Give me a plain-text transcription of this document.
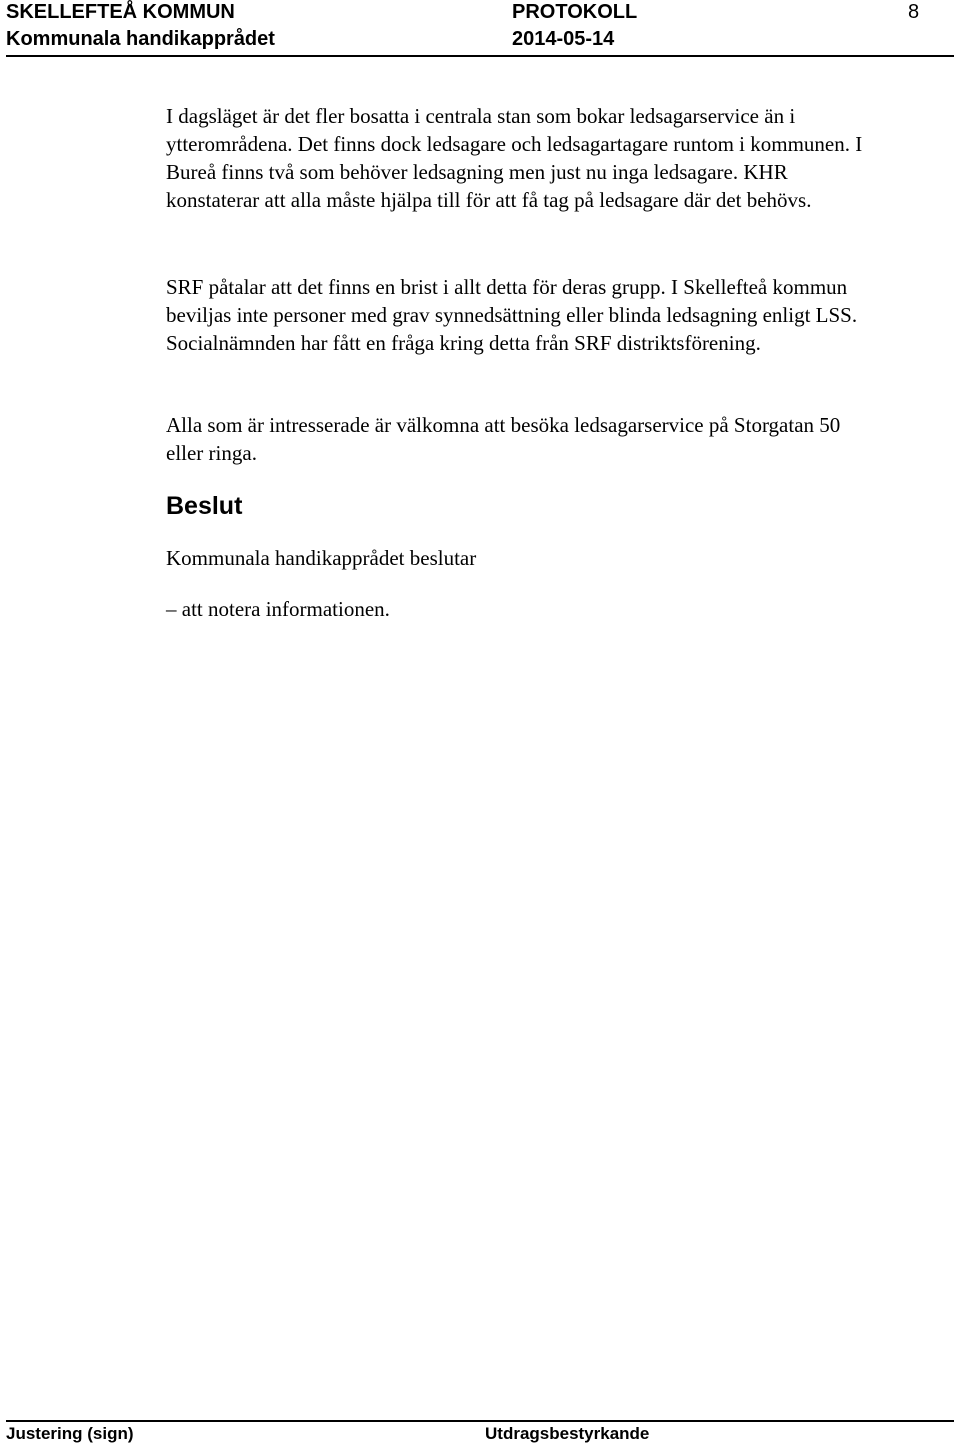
SKELLEFTEÅ KOMMUN
Kommunala handikapprådet
PROTOKOLL
2014-05-14
8

I dagsläget är det fler bosatta i centrala stan som bokar ledsagarservice än i ytterområdena. Det finns dock ledsagare och ledsagartagare runtom i kommunen. I Bureå finns två som behöver ledsagning men just nu inga ledsagare. KHR konstaterar att alla måste hjälpa till för att få tag på ledsagare där det behövs.

SRF påtalar att det finns en brist i allt detta för deras grupp. I Skellefteå kommun beviljas inte personer med grav synnedsättning eller blinda ledsagning enligt LSS. Socialnämnden har fått en fråga kring detta från SRF distriktsförening.

Alla som är intresserade är välkomna att besöka ledsagarservice på Storgatan 50 eller ringa.

Beslut
Kommunala handikapprådet beslutar
– att notera informationen.
Justering (sign)	Utdragsbestyrkande
